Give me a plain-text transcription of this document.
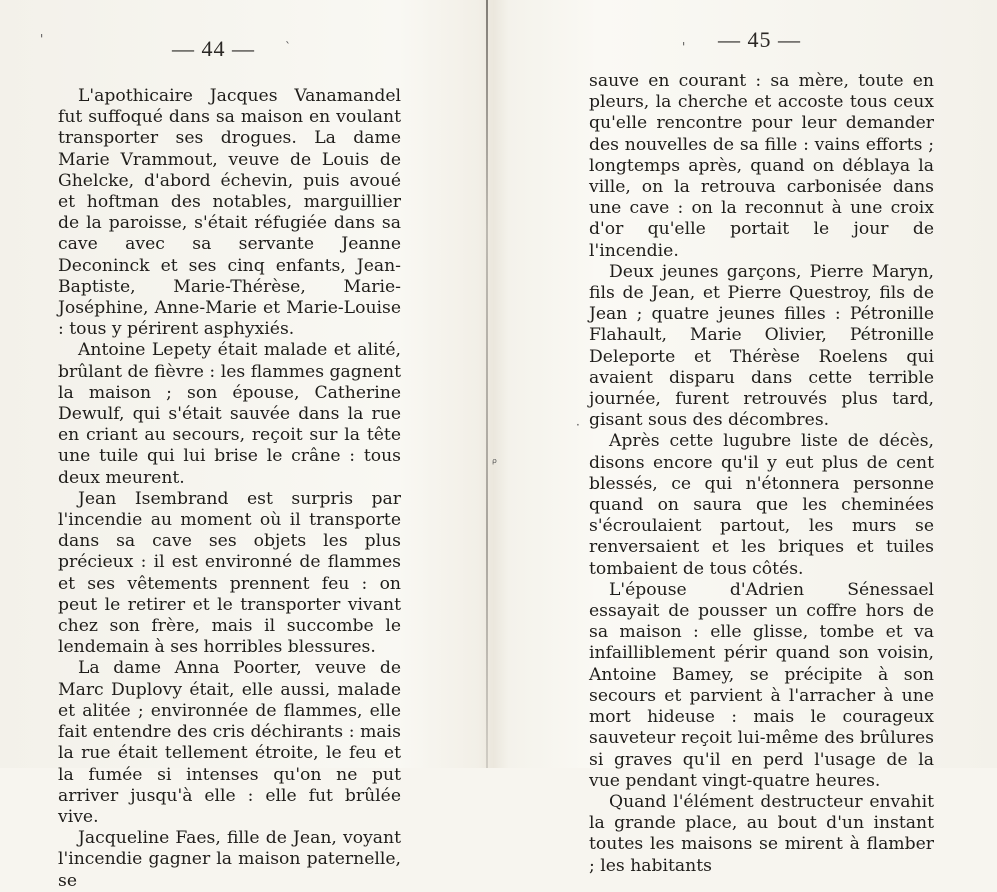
— 44 —

L'apothicaire Jacques Vanamandel fut suffoqué dans sa maison en voulant transporter ses drogues. La dame Marie Vrammout, veuve de Louis de Ghelcke, d'abord échevin, puis avoué et hoftman des notables, marguillier de la paroisse, s'était réfugiée dans sa cave avec sa servante Jeanne Deconinck et ses cinq enfants, Jean-Baptiste, Marie-Thérèse, Marie-Joséphine, Anne-Marie et Marie-Louise : tous y périrent asphyxiés.

Antoine Lepety était malade et alité, brûlant de fièvre : les flammes gagnent la maison ; son épouse, Catherine Dewulf, qui s'était sauvée dans la rue en criant au secours, reçoit sur la tête une tuile qui lui brise le crâne : tous deux meurent.

Jean Isembrand est surpris par l'incendie au moment où il transporte dans sa cave ses objets les plus précieux : il est environné de flammes et ses vêtements prennent feu : on peut le retirer et le transporter vivant chez son frère, mais il succombe le lendemain à ses horribles blessures.

La dame Anna Poorter, veuve de Marc Duplovy était, elle aussi, malade et alitée ; environnée de flammes, elle fait entendre des cris déchirants : mais la rue était tellement étroite, le feu et la fumée si intenses qu'on ne put arriver jusqu'à elle : elle fut brûlée vive.

Jacqueline Faes, fille de Jean, voyant l'incendie gagner la maison paternelle, se

'
`	— 45 —

sauve en courant : sa mère, toute en pleurs, la cherche et accoste tous ceux qu'elle rencontre pour leur demander des nouvelles de sa fille : vains efforts ; longtemps après, quand on déblaya la ville, on la retrouva carbonisée dans une cave : on la reconnut à une croix d'or qu'elle portait le jour de l'incendie.

Deux jeunes garçons, Pierre Maryn, fils de Jean, et Pierre Questroy, fils de Jean ; quatre jeunes filles : Pétronille Flahault, Marie Olivier, Pétronille Deleporte et Thérèse Roelens qui avaient disparu dans cette terrible journée, furent retrouvés plus tard, gisant sous des décombres.

Après cette lugubre liste de décès, disons encore qu'il y eut plus de cent blessés, ce qui n'étonnera personne quand on saura que les cheminées s'écroulaient partout, les murs se renversaient et les briques et tuiles tombaient de tous côtés.

L'épouse d'Adrien Sénessael essayait de pousser un coffre hors de sa maison : elle glisse, tombe et va infailliblement périr quand son voisin, Antoine Bamey, se précipite à son secours et parvient à l'arracher à une mort hideuse : mais le courageux sauveteur reçoit lui-même des brûlures si graves qu'il en perd l'usage de la vue pendant vingt-quatre heures.

Quand l'élément destructeur envahit la grande place, au bout d'un instant toutes les maisons se mirent à flamber ; les habitants

'
·
ᵨ
